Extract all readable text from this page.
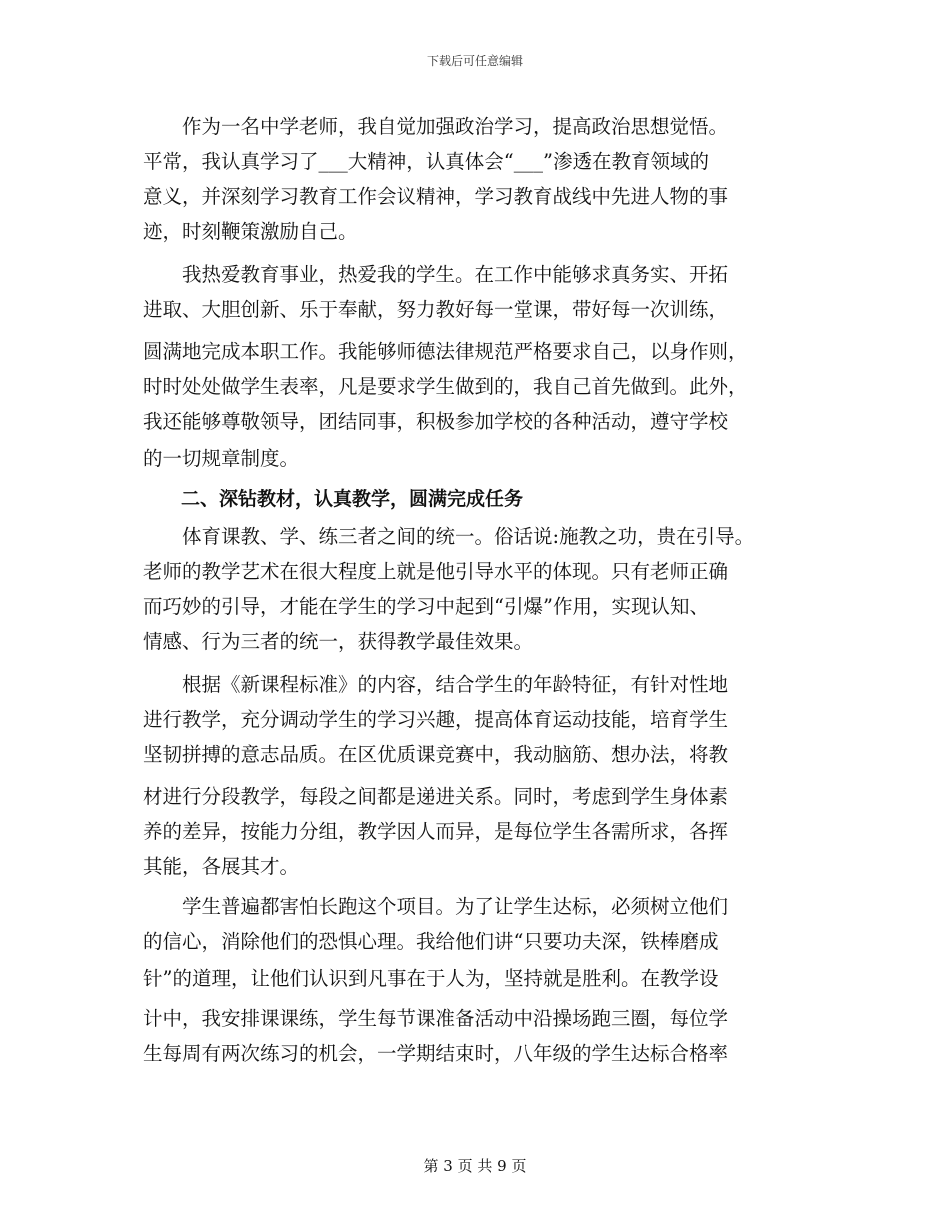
下载后可任意编辑
　　作为一名中学老师，我自觉加强政治学习，提高政治思想觉悟。
平常，我认真学习了___大精神，认真体会“___”渗透在教育领域的
意义，并深刻学习教育工作会议精神，学习教育战线中先进人物的事
迹，时刻鞭策激励自己。
　　我热爱教育事业，热爱我的学生。在工作中能够求真务实、开拓
进取、大胆创新、乐于奉献，努力教好每一堂课，带好每一次训练，
圆满地完成本职工作。我能够师德法律规范严格要求自己，以身作则，
时时处处做学生表率，凡是要求学生做到的，我自己首先做到。此外，
我还能够尊敬领导，团结同事，积极参加学校的各种活动，遵守学校
的一切规章制度。
　　二、深钻教材，认真教学，圆满完成任务
　　体育课教、学、练三者之间的统一。俗话说:施教之功，贵在引导。
老师的教学艺术在很大程度上就是他引导水平的体现。只有老师正确
而巧妙的引导，才能在学生的学习中起到“引爆”作用，实现认知、
情感、行为三者的统一，获得教学最佳效果。
　　根据《新课程标准》的内容，结合学生的年龄特征，有针对性地
进行教学，充分调动学生的学习兴趣，提高体育运动技能，培育学生
坚韧拼搏的意志品质。在区优质课竞赛中，我动脑筋、想办法，将教
材进行分段教学，每段之间都是递进关系。同时，考虑到学生身体素
养的差异，按能力分组，教学因人而异，是每位学生各需所求，各挥
其能，各展其才。
　　学生普遍都害怕长跑这个项目。为了让学生达标，必须树立他们
的信心，消除他们的恐惧心理。我给他们讲“只要功夫深，铁棒磨成
针”的道理，让他们认识到凡事在于人为，坚持就是胜利。在教学设
计中，我安排课课练，学生每节课准备活动中沿操场跑三圈，每位学
生每周有两次练习的机会，一学期结束时，八年级的学生达标合格率
第 3 页 共 9 页
